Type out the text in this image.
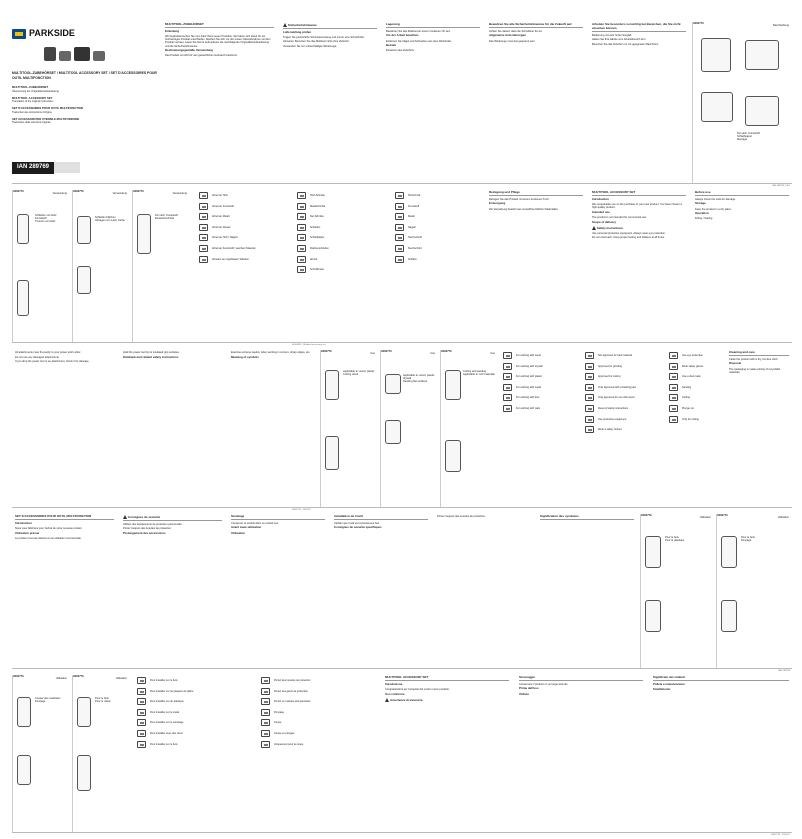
PARKSIDE
MULTITOOL-ZUBEHÖRSET / MULTITOOL ACCESSORY SET / SET D'ACCESSOIRES POUR OUTIL MULTIFONCTION
MULTITOOL-ZUBEHÖRSET
Übersetzung der Originalbetriebsanleitung
MULTITOOL ACCESSORY SET
Translation of the original instructions
SET D'ACCESSOIRES POUR OUTIL MULTIFONCTION
Traduction des instructions d'origine
SET ACCESSORI PER UTENSILE MULTIFUNZIONE
Traduzione delle istruzioni originali
IAN 289769
MULTITOOL-ZUBEHÖRSET
Einleitung

Wir beglückwünschen Sie zum Kauf Ihres neuen Produkts. Sie haben sich damit für ein hochwertiges Produkt entschieden. Machen Sie sich vor der ersten Inbetriebnahme mit dem Produkt vertraut. Lesen Sie hierzu aufmerksam die nachfolgende Originalbetriebsanleitung und die Sicherheitshinweise.

Bestimmungsgemäße Verwendung

Das Produkt ist nicht für den gewerblichen Gebrauch bestimmt.

Sicherheitshinweise
Lieferumfang prüfen

Tragen Sie persönliche Schutzausrüstung und immer eine Schutzbrille.

Hinweise: Benutzen Sie das Multitool nicht ohne Zubehör.

Verwenden Sie nur unbeschädigte Werkzeuge.

Lagerung

Bewahren Sie das Multitool an einem trockenen Ort auf.

Vor der Arbeit beachten

Entfernen Sie Nägel und Schrauben aus dem Werkstück.

Betrieb

Einsetzen des Zubehörs

Bewahren Sie alle Sicherheitshinweise für die Zukunft auf.

Achten Sie darauf, dass die Schnittlinie frei ist.

Allgemeine Anforderungen

Das Werkzeug muss fest gespannt sein.

Arbeiten Sie besonders vorsichtig bei Bereichen, die Sie nicht einsehen können.

Bedienung mit sehr hoher Sorgfalt

Halten Sie Ihre Hände vom Arbeitsbereich fern.

Benutzen Sie das Zubehör nur mit geeigneten Maschinen.

H302779
Beschreibung

Für Holz, Kunststoff

Schleifpapier

Montage

IAN 289769_1901
H302779
Verwendung

Schleifen von Holz, Kunststoff

Trennen von Holz

H302779
Verwendung

Schleifen Flächen

Abtragen von Lack, Farbe

H302779
Verwendung

Für Holz, Kunststoff

Eintauchschnitte

Arbeit an Holz
Arbeit an Kunststoff
Arbeit an Metall
Arbeit an Fliesen
Arbeit an Holz / Nägeln
Arbeit an Kunststoff / weichem Material
Arbeiten an ungefliesten Wänden
Holz-Schnitte
Metallschnitte
Nut-Schnitte
Schleifen
Schleifpapier
Flächenschleifen
Abrieb
Schnittbreite
Holzschnitt
Kunststoff
Metall
Nageln
Tauchschnitt
Stechschnitt
Schlitze
Reinigung und Pflege

Reinigen Sie das Produkt mit einem trockenen Tuch.

Entsorgung

Die Verpackung besteht aus umweltfreundlichen Materialien.

MULTITOOL ACCESSORY SET
Introduction

We congratulate you on the purchase of your new product. You have chosen a high-quality product.

Intended use

The product is not intended for commercial use.

Scope of delivery
Safety instructions

Use personal protective equipment. Always wear eye protection.

Do not overreach. Keep proper footing and balance at all times.

Before use

Always check the tools for damage.

Storage

Keep the product in a dry place.

Operation

Fitting / Setting

HG04426 · Multitool accessory set

All attachments must fit exactly to your power tool's arbor.

Do not use any damaged attachments.

If you drop the power tool or an attachment, check it for damage.

Hold the power tool by its insulated grip surfaces.

Kickback and related safety instructions

Exercise extreme caution when working in corners, sharp edges, etc.

Meaning of symbols
H302779
Use

Applicable to: wood, plastic

Cutting wood

H302779
Use

Applicable to: wood, plastic, drywall

Sanding flat surfaces

H302779
Use

Cutting and sanding

Applicable to: soft materials

For working with wood
For working with drywall
For working with plastic
For working with metal
For working with tiles
For working with nails
Not approved for hard material
Approved for grinding
Approved for cutting
Only approved with a backing pad
Only approved for use with wood
Reset of safety instructions
Use protective equipment
Wear a safety helmet
Use eye protection
Wear safety gloves
Use a dust mask
Sanding
Cutting
Plunge cut
Only for cutting
Cleaning and care

Clean the product with a dry, lint-free cloth.

Disposal

The packaging is made entirely of recyclable materials.

H302779 · 2018-07
SET D'ACCESSOIRES POUR OUTIL MULTIFONCTION
Introduction

Nous vous félicitons pour l'achat de votre nouveau produit.

Utilisation prévue

Le produit n'est pas destiné à une utilisation commerciale.

Consignes de sécurité

Utilisez des équipements de protection personnelle.

Portez toujours des lunettes de protection.

Prolongement des accessoires
Stockage

Conservez le produit dans un endroit sec.

Avant toute utilisation
Utilisation
Installation de l'outil

Vérifiez que l'outil est correctement fixé.

Consignes de sécurité spécifiques

Portez toujours des lunettes de protection.	Signification des symboles	H302779
Utilisation

Pour le bois

Pour le plastique

H302779
Utilisation

Pour le bois

Ponçage

IAN 289769
H302779
Utilisation

Couper des matériaux

Ponçage

H302779
Utilisation

Pour le bois

Pour le métal

Pour travailler sur le bois
Pour travailler sur les plaques de plâtre
Pour travailler sur du plastique
Pour travailler sur le métal
Pour travailler sur le carrelage
Pour travailler avec des clous
Pour travailler sur le bois
Portez des lunettes de protection
Portez des gants de protection
Portez un masque anti-poussière
Ponçage
Coupe
Coupe en plongée
Uniquement pour la coupe
MULTITOOL ACCESSORY SET
Introduzione

Congratulazioni per l'acquisto del vostro nuovo prodotto.

Uso conforme
Avvertenze di sicurezza
Stoccaggio

Conservare il prodotto in un luogo asciutto.

Prima dell'uso
Utilizzo
Significato dei simboli
Pulizia e manutenzione
Smaltimento
H302779 · 2018-07
